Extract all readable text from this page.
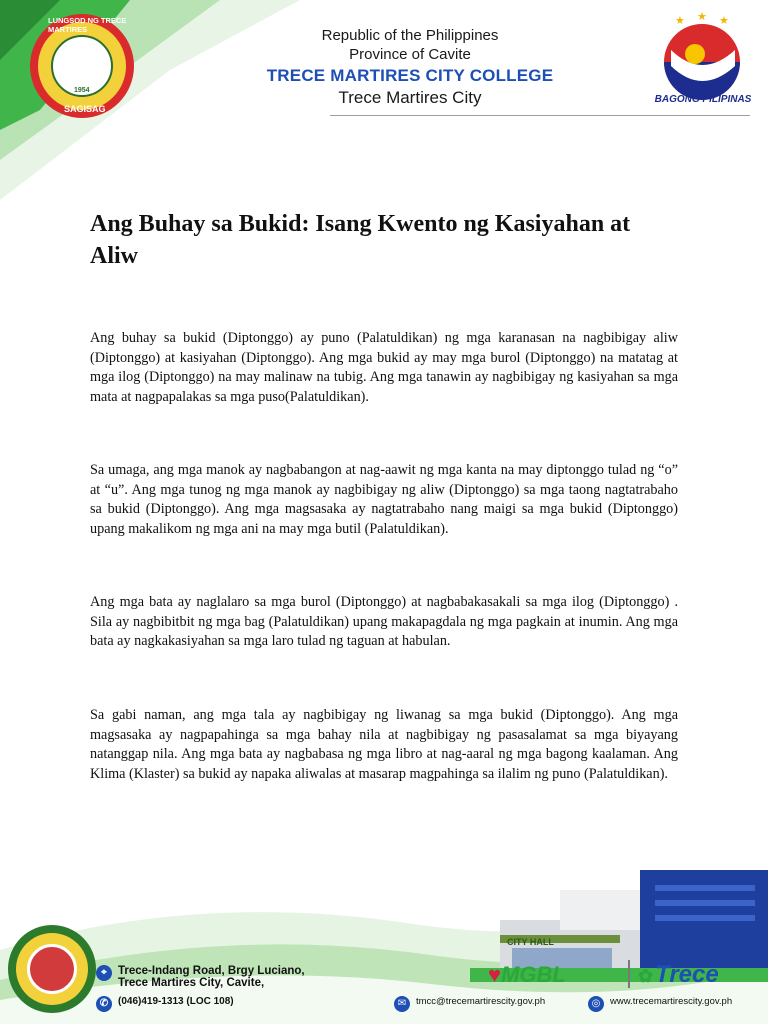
LUNGSOD NG TRECE MARTIRES
SAGISAG
1954
Republic of the Philippines
Province of Cavite
TRECE MARTIRES CITY COLLEGE
Trece Martires City
★ ★ ★
BAGONG PILIPINAS
Ang Buhay sa Bukid: Isang Kwento ng Kasiyahan at Aliw

Ang buhay sa bukid (Diptonggo) ay puno (Palatuldikan) ng mga karanasan na nagbibigay aliw (Diptonggo) at kasiyahan (Diptonggo). Ang mga bukid ay may mga burol (Diptonggo) na matatag at mga ilog (Diptonggo) na may malinaw na tubig. Ang mga tanawin ay nagbibigay ng kasiyahan sa mga mata at nagpapalakas sa mga puso(Palatuldikan).

Sa umaga, ang mga manok ay nagbabangon at nag-aawit ng mga kanta na may diptonggo tulad ng “o” at “u”. Ang mga tunog ng mga manok ay nagbibigay ng aliw (Diptonggo) sa mga taong nagtatrabaho sa bukid (Diptonggo). Ang mga magsasaka ay nagtatrabaho nang maigi sa mga bukid (Diptonggo) upang makalikom ng mga ani na may mga butil (Palatuldikan).

Ang mga bata ay naglalaro sa mga burol (Diptonggo) at nagbabakasakali sa mga ilog (Diptonggo) . Sila ay nagbibitbit ng mga bag (Palatuldikan) upang makapagdala ng mga pagkain at inumin. Ang mga bata ay nagkakasiyahan sa mga laro tulad ng taguan at habulan.

Sa gabi naman, ang mga tala ay nagbibigay ng liwanag sa mga bukid (Diptonggo). Ang mga magsasaka ay nagpapahinga sa mga bahay nila at nagbibigay ng pasasalamat sa mga biyayang natanggap nila. Ang mga bata ay nagbabasa ng mga libro at nag-aaral ng mga bagong kaalaman. Ang Klima (Klaster) sa bukid ay napaka aliwalas at masarap magpahinga sa ilalim ng puno (Palatuldikan).

CITY HALL
⌖ Trece-Indang Road, Brgy Luciano,
Trece Martires City, Cavite,
✆ (046)419-1313
(LOC 108)
♥MGBL	✿Trece
✉	tmcc@trecemartirescity.gov.ph	◎	www.trecemartirescity.gov.ph
